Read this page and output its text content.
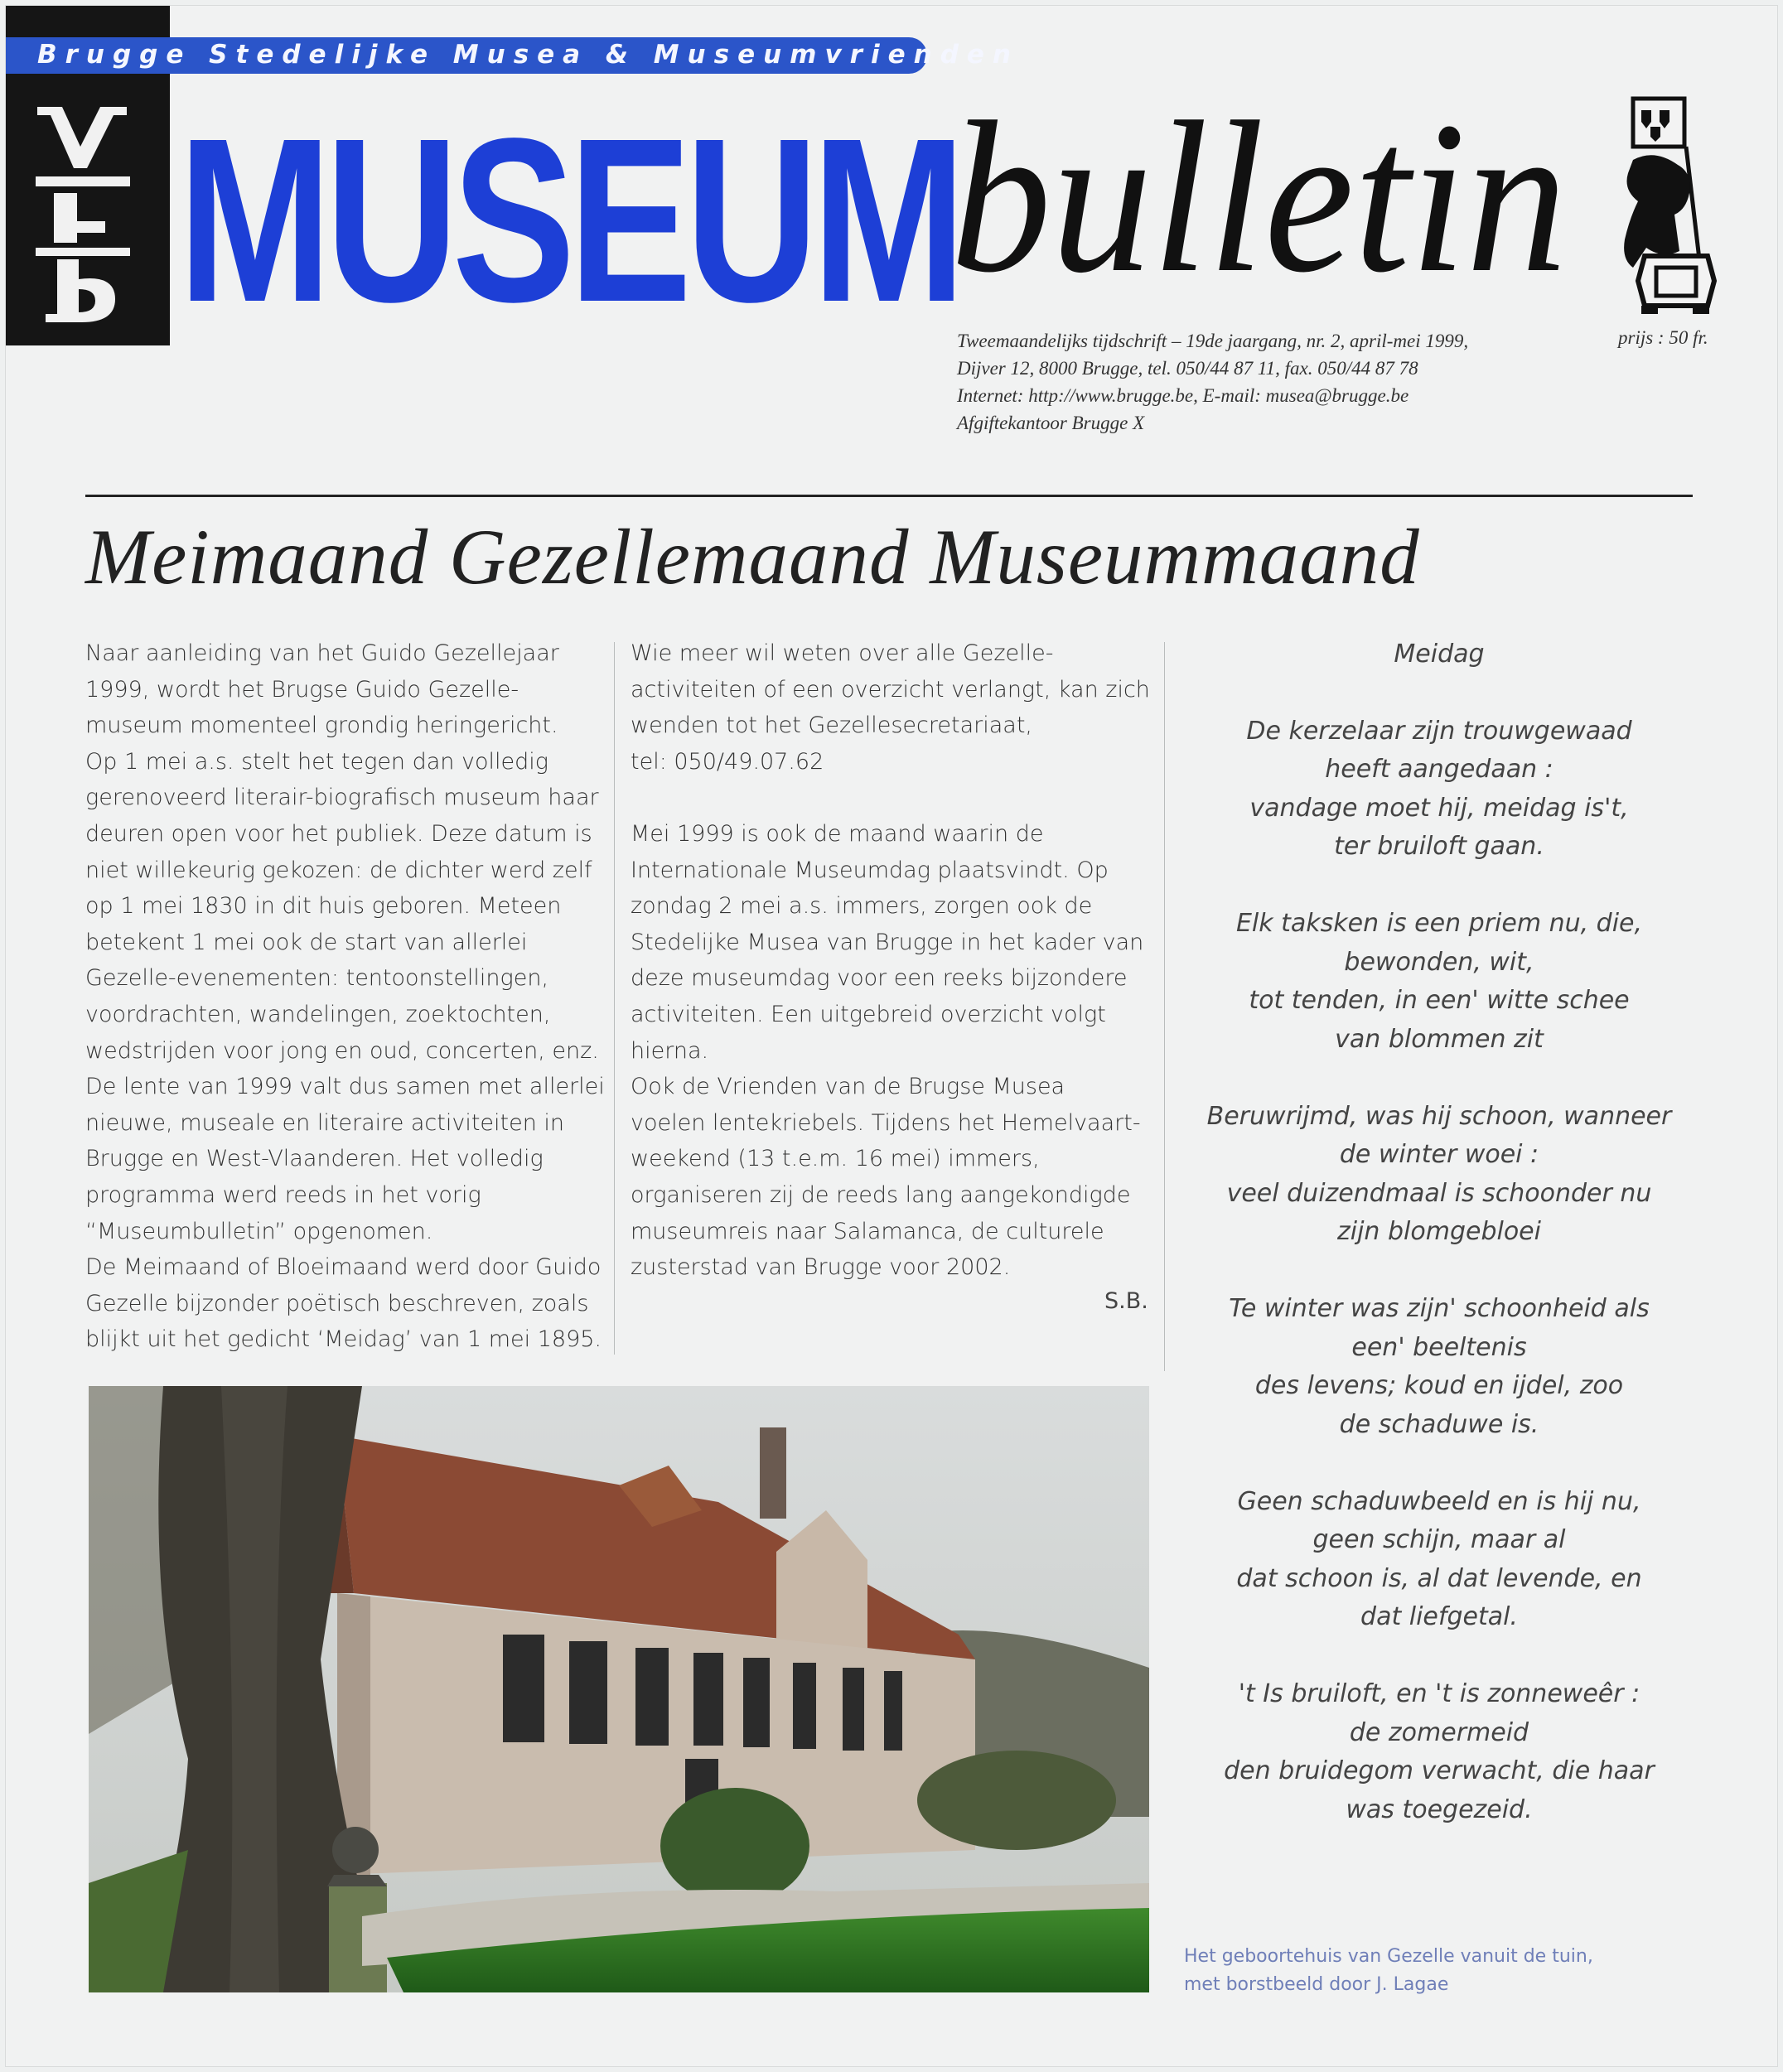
Brugge Stedelijke Musea & Museumvrienden
MUSEUM
bulletin
Tweemaandelijks tijdschrift – 19de jaargang, nr. 2, april-mei 1999,
Dijver 12, 8000 Brugge, tel. 050/44 87 11, fax. 050/44 87 78
Internet: http://www.brugge.be, E-mail: musea@brugge.be
Afgiftekantoor Brugge X
prijs : 50 fr.
Meimaand Gezellemaand Museummaand
Naar aanleiding van het Guido Gezellejaar
1999, wordt het Brugse Guido Gezelle-
museum momenteel grondig heringericht.
Op 1 mei a.s. stelt het tegen dan volledig
gerenoveerd literair-biografisch museum haar
deuren open voor het publiek. Deze datum is
niet willekeurig gekozen: de dichter werd zelf
op 1 mei 1830 in dit huis geboren. Meteen
betekent 1 mei ook de start van allerlei
Gezelle-evenementen: tentoonstellingen,
voordrachten, wandelingen, zoektochten,
wedstrijden voor jong en oud, concerten, enz.
De lente van 1999 valt dus samen met allerlei
nieuwe, museale en literaire activiteiten in
Brugge en West-Vlaanderen. Het volledig
programma werd reeds in het vorig
“Museumbulletin” opgenomen.
De Meimaand of Bloeimaand werd door Guido
Gezelle bijzonder poëtisch beschreven, zoals
blijkt uit het gedicht ‘Meidag’ van 1 mei 1895.
Wie meer wil weten over alle Gezelle-
activiteiten of een overzicht verlangt, kan zich
wenden tot het Gezellesecretariaat,
tel: 050/49.07.62

Mei 1999 is ook de maand waarin de
Internationale Museumdag plaatsvindt. Op
zondag 2 mei a.s. immers, zorgen ook de
Stedelijke Musea van Brugge in het kader van
deze museumdag voor een reeks bijzondere
activiteiten. Een uitgebreid overzicht volgt
hierna.
Ook de Vrienden van de Brugse Musea
voelen lentekriebels. Tijdens het Hemelvaart-
weekend (13 t.e.m. 16 mei) immers,
organiseren zij de reeds lang aangekondigde
museumreis naar Salamanca, de culturele
zusterstad van Brugge voor 2002.
S.B.
Meidag
De kerzelaar zijn trouwgewaad
heeft aangedaan :
vandage moet hij, meidag is't,
ter bruiloft gaan.
Elk taksken is een priem nu, die,
bewonden, wit,
tot tenden, in een' witte schee
van blommen zit
Beruwrijmd, was hij schoon, wanneer
de winter woei :
veel duizendmaal is schoonder nu
zijn blomgebloei
Te winter was zijn' schoonheid als
een' beeltenis
des levens; koud en ijdel, zoo
de schaduwe is.
Geen schaduwbeeld en is hij nu,
geen schijn, maar al
dat schoon is, al dat levende, en
dat liefgetal.
't Is bruiloft, en 't is zonneweêr :
de zomermeid
den bruidegom verwacht, die haar
was toegezeid.
Het geboortehuis van Gezelle vanuit de tuin,
met borstbeeld door J. Lagae
